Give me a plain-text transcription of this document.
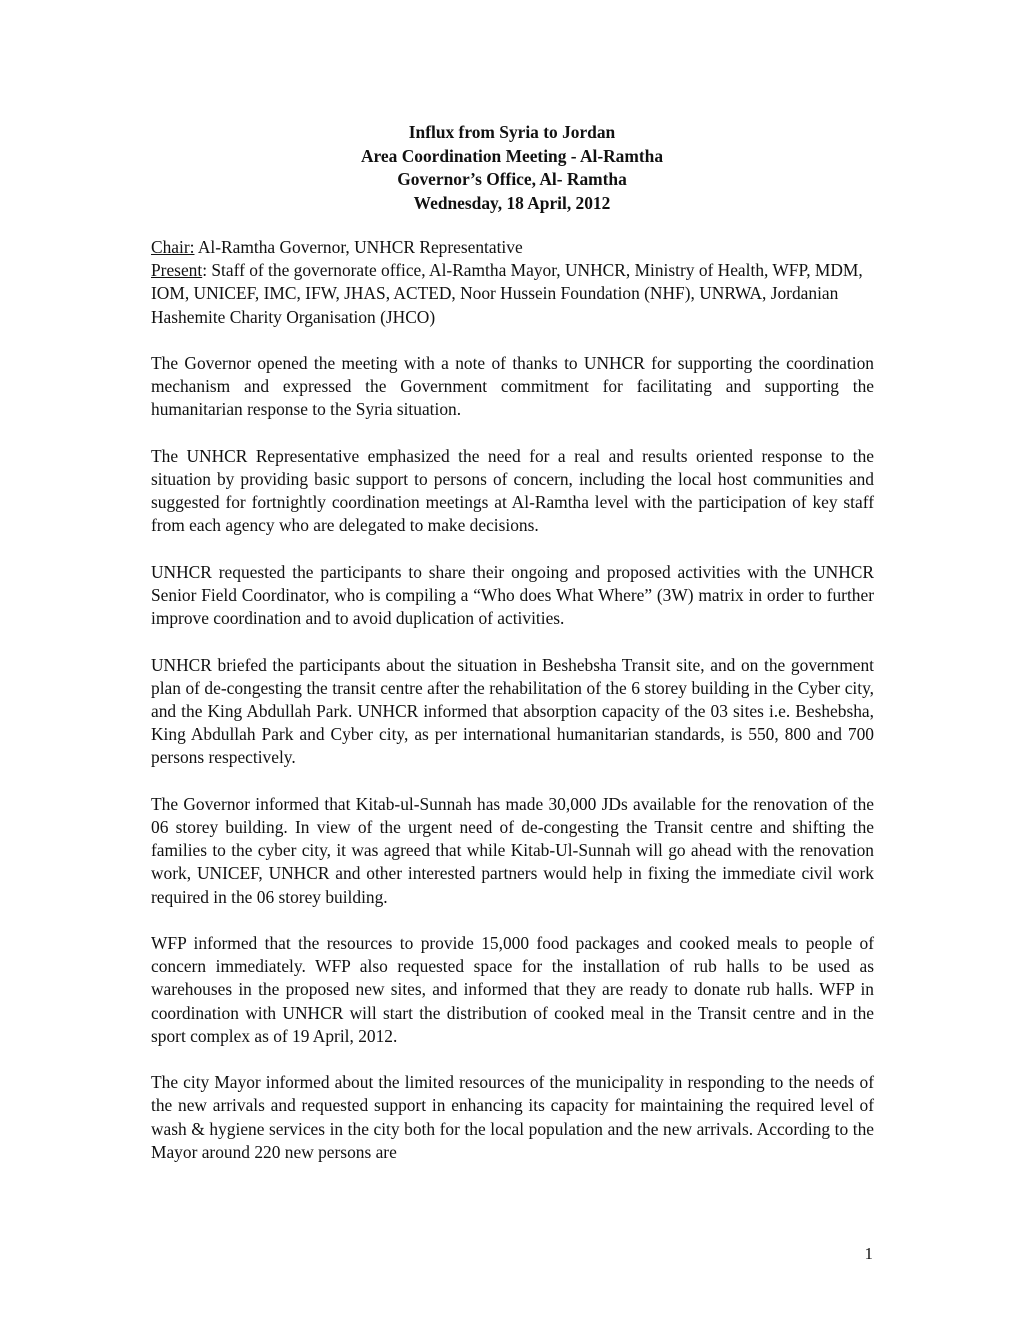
Influx from Syria to Jordan
Area Coordination Meeting - Al-Ramtha
Governor’s Office, Al- Ramtha
Wednesday, 18 April, 2012

Chair: Al-Ramtha Governor, UNHCR Representative

Present: Staff of the governorate office, Al-Ramtha Mayor, UNHCR, Ministry of Health, WFP, MDM, IOM, UNICEF, IMC, IFW, JHAS, ACTED, Noor Hussein Foundation (NHF), UNRWA, Jordanian Hashemite Charity Organisation (JHCO)

The Governor opened the meeting with a note of thanks to UNHCR for supporting the coordination mechanism and expressed the Government commitment for facilitating and supporting the humanitarian response to the Syria situation.

The UNHCR Representative emphasized the need for a real and results oriented response to the situation by providing basic support to persons of concern, including the local host communities and suggested for fortnightly coordination meetings at Al-Ramtha level with the participation of key staff from each agency who are delegated to make decisions.

UNHCR requested the participants to share their ongoing and proposed activities with the UNHCR Senior Field Coordinator, who is compiling a “Who does What Where” (3W) matrix in order to further improve coordination and to avoid duplication of activities.

UNHCR briefed the participants about the situation in Beshebsha Transit site, and on the government plan of de-congesting the transit centre after the rehabilitation of the 6 storey building in the Cyber city, and the King Abdullah Park. UNHCR informed that absorption capacity of the 03 sites i.e. Beshebsha, King Abdullah Park and Cyber city, as per international humanitarian standards, is 550, 800 and 700 persons respectively.

The Governor informed that Kitab-ul-Sunnah has made 30,000 JDs available for the renovation of the 06 storey building. In view of the urgent need of de-congesting the Transit centre and shifting the families to the cyber city, it was agreed that while Kitab-Ul-Sunnah will go ahead with the renovation work, UNICEF, UNHCR and other interested partners would help in fixing the immediate civil work required in the 06 storey building.

WFP informed that the resources to provide 15,000 food packages and cooked meals to people of concern immediately. WFP also requested space for the installation of rub halls to be used as warehouses in the proposed new sites, and informed that they are ready to donate rub halls. WFP in coordination with UNHCR will start the distribution of cooked meal in the Transit centre and in the sport complex as of 19 April, 2012.

The city Mayor informed about the limited resources of the municipality in responding to the needs of the new arrivals and requested support in enhancing its capacity for maintaining the required level of wash & hygiene services in the city both for the local population and the new arrivals. According to the Mayor around 220 new persons are

1
